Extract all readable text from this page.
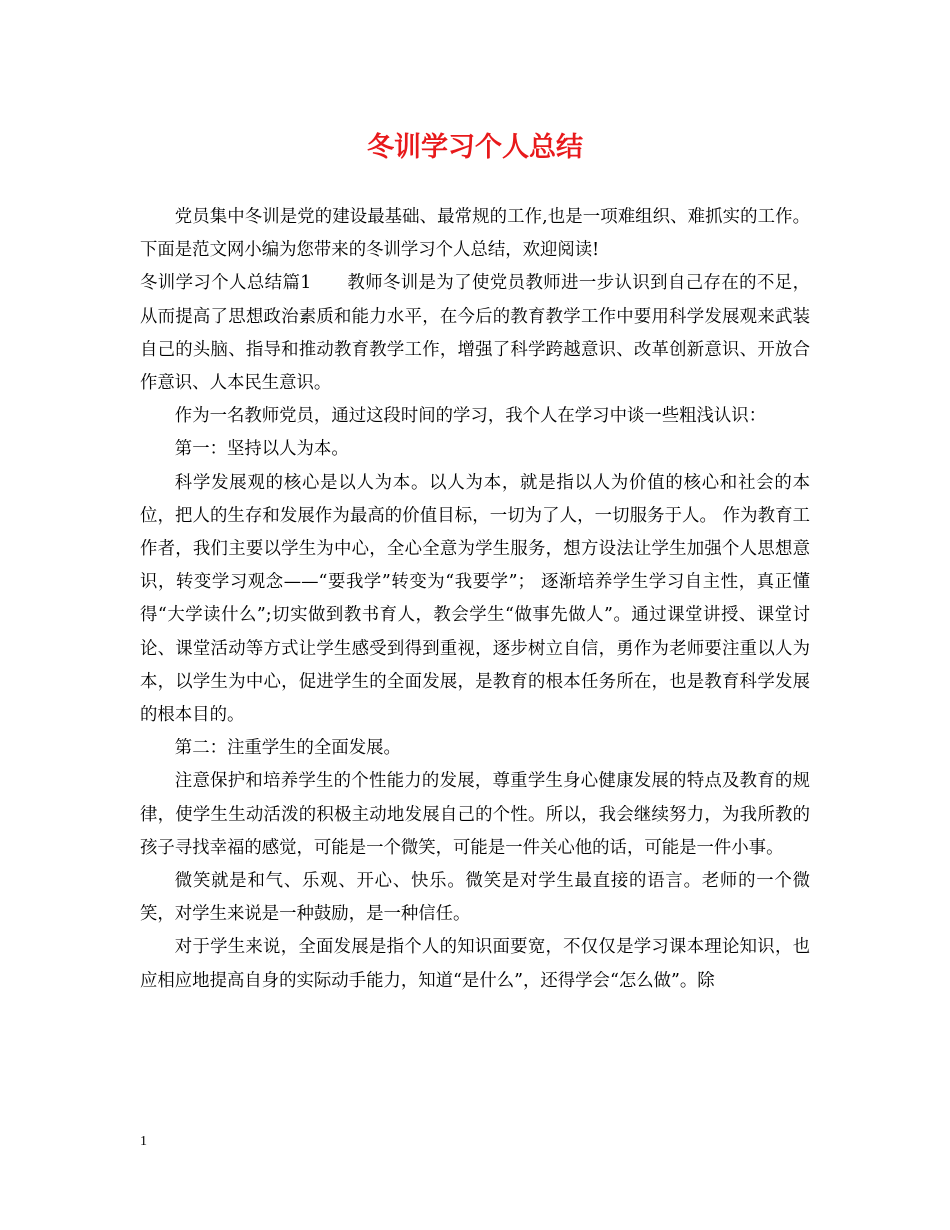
冬训学习个人总结

党员集中冬训是党的建设最基础、最常规的工作,也是一项难组织、难抓实的工作。下面是范文网小编为您带来的冬训学习个人总结，欢迎阅读!

冬训学习个人总结篇1　　教师冬训是为了使党员教师进一步认识到自己存在的不足，从而提高了思想政治素质和能力水平，在今后的教育教学工作中要用科学发展观来武装自己的头脑、指导和推动教育教学工作，增强了科学跨越意识、改革创新意识、开放合作意识、人本民生意识。

作为一名教师党员，通过这段时间的学习，我个人在学习中谈一些粗浅认识：

第一：坚持以人为本。

科学发展观的核心是以人为本。以人为本，就是指以人为价值的核心和社会的本位，把人的生存和发展作为最高的价值目标，一切为了人，一切服务于人。 作为教育工作者，我们主要以学生为中心，全心全意为学生服务，想方设法让学生加强个人思想意识，转变学习观念——“要我学”转变为“我要学”； 逐渐培养学生学习自主性，真正懂得“大学读什么”;切实做到教书育人，教会学生“做事先做人”。通过课堂讲授、课堂讨论、课堂活动等方式让学生感受到得到重视，逐步树立自信，勇作为老师要注重以人为本，以学生为中心，促进学生的全面发展，是教育的根本任务所在，也是教育科学发展的根本目的。

第二：注重学生的全面发展。

注意保护和培养学生的个性能力的发展，尊重学生身心健康发展的特点及教育的规律，使学生生动活泼的积极主动地发展自己的个性。所以，我会继续努力，为我所教的孩子寻找幸福的感觉，可能是一个微笑，可能是一件关心他的话，可能是一件小事。

微笑就是和气、乐观、开心、快乐。微笑是对学生最直接的语言。老师的一个微笑，对学生来说是一种鼓励，是一种信任。

对于学生来说，全面发展是指个人的知识面要宽，不仅仅是学习课本理论知识，也应相应地提高自身的实际动手能力，知道“是什么”，还得学会“怎么做”。除

1
